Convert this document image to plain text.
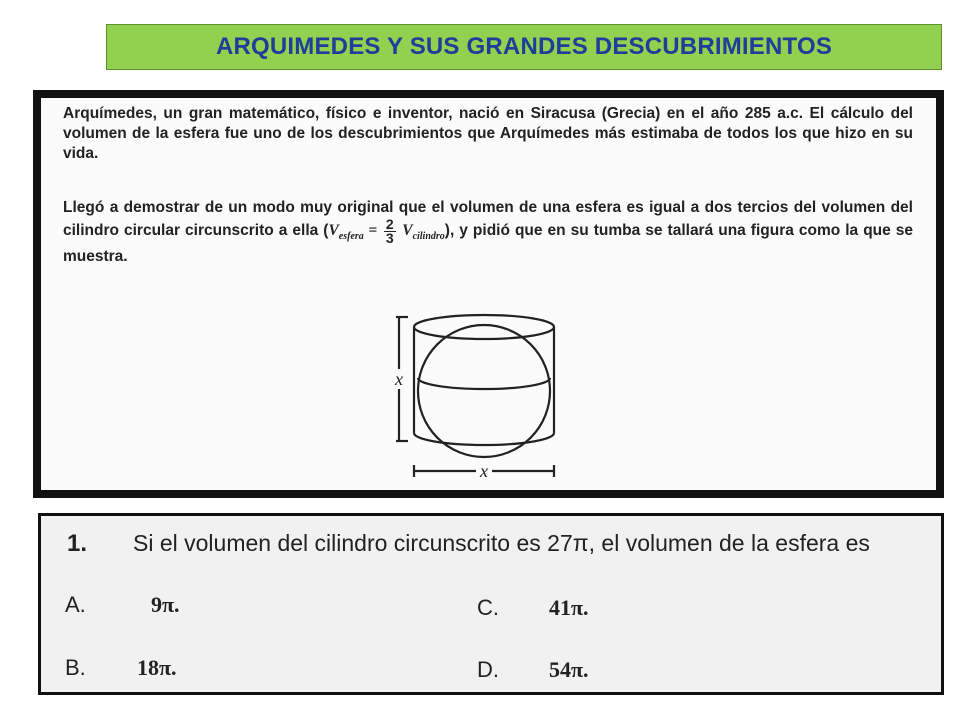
ARQUIMEDES Y SUS GRANDES DESCUBRIMIENTOS
Arquímedes, un gran matemático, físico e inventor, nació en Siracusa (Grecia) en el año 285 a.c. El cálculo del volumen de la esfera fue uno de los descubrimientos que Arquímedes más estimaba de todos los que hizo en su vida.
Llegó a demostrar de un modo muy original que el volumen de una esfera es igual a dos tercios del volumen del cilindro circular circunscrito a ella $(V_{esfera} = \frac{2}{3} V_{cilindro})$, y pidió que en su tumba se tallará una figura como la que se muestra.
x
x
1. Si el volumen del cilindro circunscrito es 27π, el volumen de la esfera es
A.	9π.
B. 18π.
C. 41π.
D. 54π.
